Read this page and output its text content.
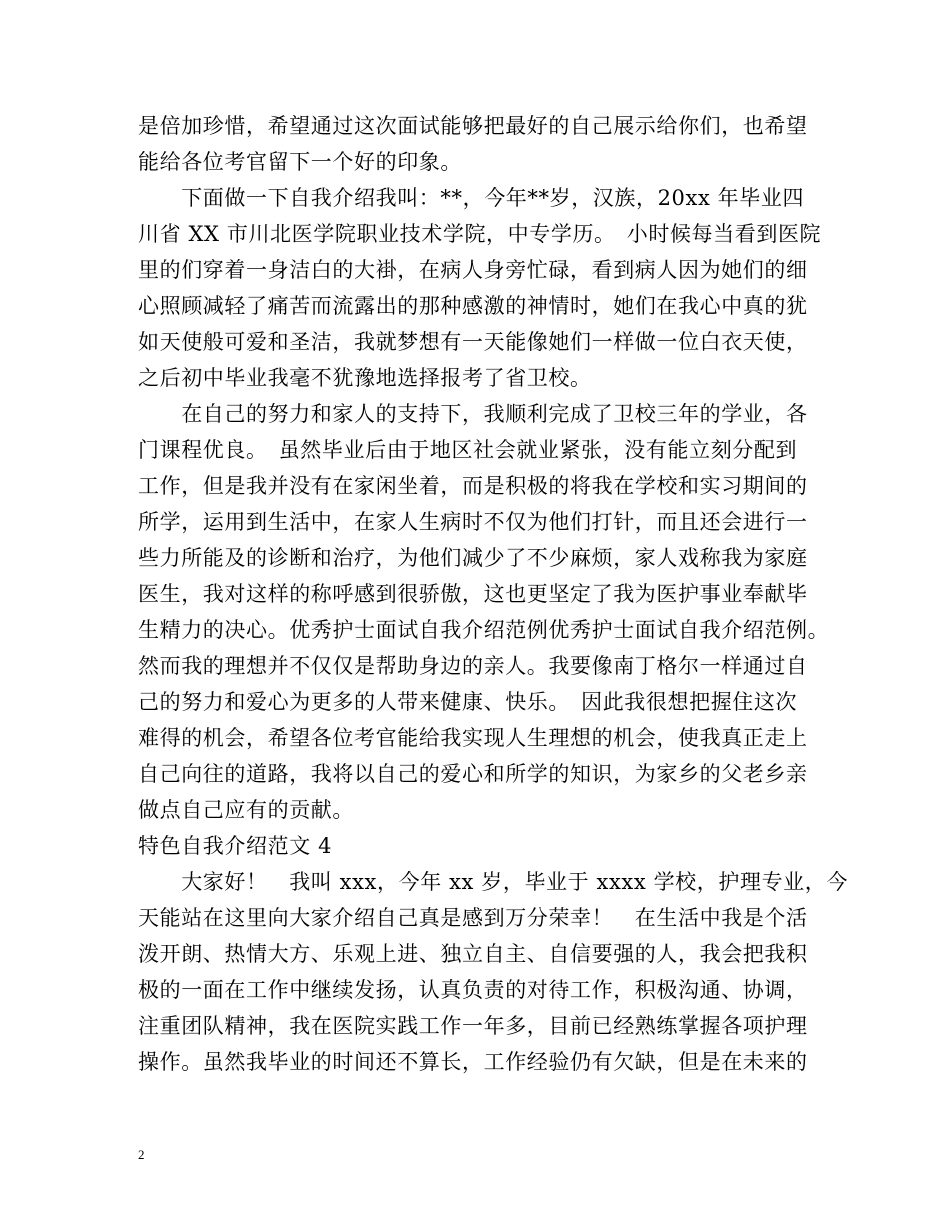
是倍加珍惜，希望通过这次面试能够把最好的自己展示给你们，也希望
能给各位考官留下一个好的印象。
　　下面做一下自我介绍我叫：**，今年**岁，汉族，20xx 年毕业四
川省 XX 市川北医学院职业技术学院，中专学历。　小时候每当看到医院
里的们穿着一身洁白的大褂，在病人身旁忙碌，看到病人因为她们的细
心照顾减轻了痛苦而流露出的那种感激的神情时，她们在我心中真的犹
如天使般可爱和圣洁，我就梦想有一天能像她们一样做一位白衣天使，
之后初中毕业我毫不犹豫地选择报考了省卫校。
　　在自己的努力和家人的支持下，我顺利完成了卫校三年的学业，各
门课程优良。　虽然毕业后由于地区社会就业紧张，没有能立刻分配到
工作，但是我并没有在家闲坐着，而是积极的将我在学校和实习期间的
所学，运用到生活中，在家人生病时不仅为他们打针，而且还会进行一
些力所能及的诊断和治疗，为他们减少了不少麻烦，家人戏称我为家庭
医生，我对这样的称呼感到很骄傲，这也更坚定了我为医护事业奉献毕
生精力的决心。优秀护士面试自我介绍范例优秀护士面试自我介绍范例。
然而我的理想并不仅仅是帮助身边的亲人。我要像南丁格尔一样通过自
己的努力和爱心为更多的人带来健康、快乐。　因此我很想把握住这次
难得的机会，希望各位考官能给我实现人生理想的机会，使我真正走上
自己向往的道路，我将以自己的爱心和所学的知识，为家乡的父老乡亲
做点自己应有的贡献。
特色自我介绍范文 4
　　大家好！　我叫 xxx，今年 xx 岁，毕业于 xxxx 学校，护理专业，今
天能站在这里向大家介绍自己真是感到万分荣幸！　在生活中我是个活
泼开朗、热情大方、乐观上进、独立自主、自信要强的人，我会把我积
极的一面在工作中继续发扬，认真负责的对待工作，积极沟通、协调，
注重团队精神，我在医院实践工作一年多，目前已经熟练掌握各项护理
操作。虽然我毕业的时间还不算长，工作经验仍有欠缺，但是在未来的
2
